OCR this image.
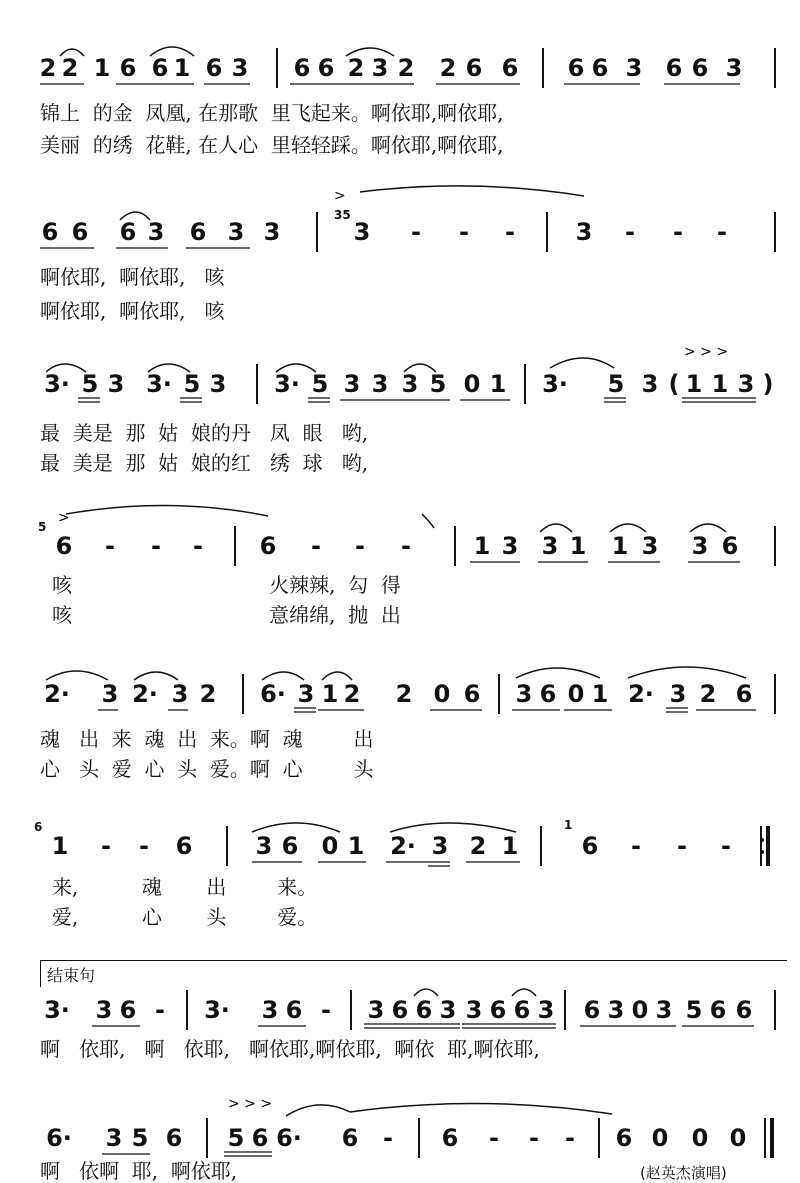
2 2 1 6 6 1 6 3 6 6 2 3 2 2 6 6 6 6 3 6 6 3
锦上  的金  凤凰, 在那歌  里飞起来。啊依耶,啊依耶,
美丽  的绣  花鞋, 在人心  里轻轻踩。啊依耶,啊依耶,
6 6 6 3 6 3 3
35
3 - - -	3 - - -
>
啊依耶,  啊依耶,   咳
啊依耶,  啊依耶,   咳
3· 5 3 3· 5 3 3· 5 3 3 3 5 0 1 3· 5 3 ( 1 1 3 )
> > >
最  美是  那  姑  娘的丹   凤  眼   哟,
最  美是  那  姑  娘的红   绣  球   哟,
5
6 - - - 6 - - -	1 3 3 1 1 3 3 6
>
咳                               火辣辣,  勾  得
咳                               意绵绵,  抛  出
2· 3 2· 3 2 6· 3 1 2 2 0 6 3 6 0 1 2· 3 2 6
魂   出  来  魂  出  来。啊  魂        出
心   头  爱  心  头  爱。啊  心        头
6
1 - - 6	3 6 0 1 2· 3 2 1
1
6 - - -
来,          魂       出        来。
爱,          心       头        爱。
结束句
3· 3 6 - 3· 3 6 - 3 6 6 3 3 6 6 3 6 3 0 3 5 6 6
啊   依耶,   啊   依耶,   啊依耶,啊依耶,  啊依  耶,啊依耶,
6· 3 5 6 5 6 6· 6 - 6 - - - 6 0 0 0
> > >
啊   依啊  耶,  啊依耶,	(赵英杰演唱)
